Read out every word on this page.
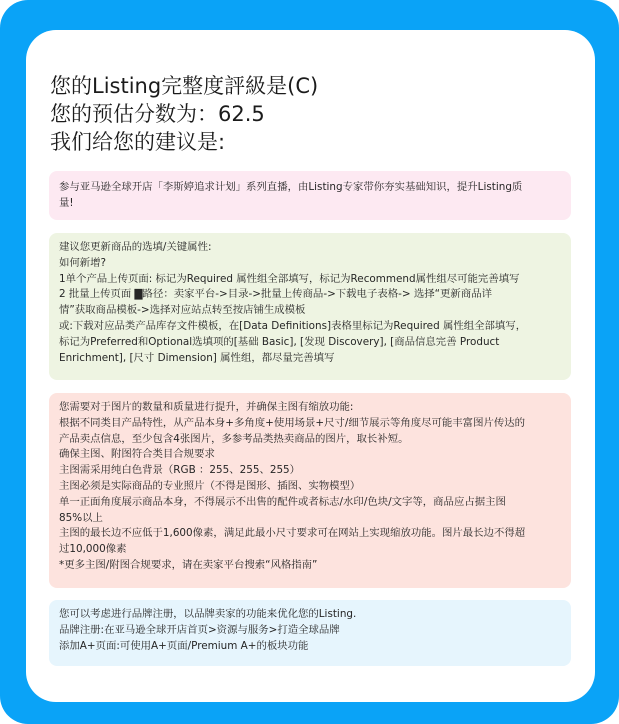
您的Listing完整度評級是(C)
您的预估分数为：62.5
我们给您的建议是:
参与亚马逊全球开店「李斯婷追求计划」系列直播，由Listing专家带你夯实基础知识，提升Listing质
量!
建议您更新商品的选填/关键属性:
如何新增?
1单个产品上传页面: 标记为Required 属性组全部填写，标记为Recommend属性组尽可能完善填写
2 批量上传页面 ▇路径：卖家平台->目录->批量上传商品->下载电子表格-> 选择“更新商品详
情”获取商品模板->选择对应站点转至按店铺生成模板
或:下载对应品类产品库存文件模板，在[Data Definitions]表格里标记为Required 属性组全部填写，
标记为Preferred和Optional选填项的[基础 Basic], [发现 Discovery], [商品信息完善 Product
Enrichment], [尺寸 Dimension] 属性组，都尽量完善填写
您需要对于图片的数量和质量进行提升，并确保主图有缩放功能:
根据不同类目产品特性，从产品本身+多角度+使用场景+尺寸/细节展示等角度尽可能丰富图片传达的
产品卖点信息，至少包含4张图片，多参考品类热卖商品的图片，取长补短。
确保主图、附图符合类目合规要求
主图需采用纯白色背景（RGB ：255、255、255）
主图必须是实际商品的专业照片（不得是图形、插图、实物模型）
单一正面角度展示商品本身，不得展示不出售的配件或者标志/水印/色块/文字等，商品应占据主图
85%以上
主图的最长边不应低于1,600像素，满足此最小尺寸要求可在网站上实现缩放功能。图片最长边不得超
过10,000像素
*更多主图/附图合规要求，请在卖家平台搜索“风格指南”
您可以考虑进行品牌注册，以品牌卖家的功能来优化您的Listing.
品牌注册:在亚马逊全球开店首页>资源与服务>打造全球品牌
添加A+页面:可使用A+页面/Premium A+的板块功能
